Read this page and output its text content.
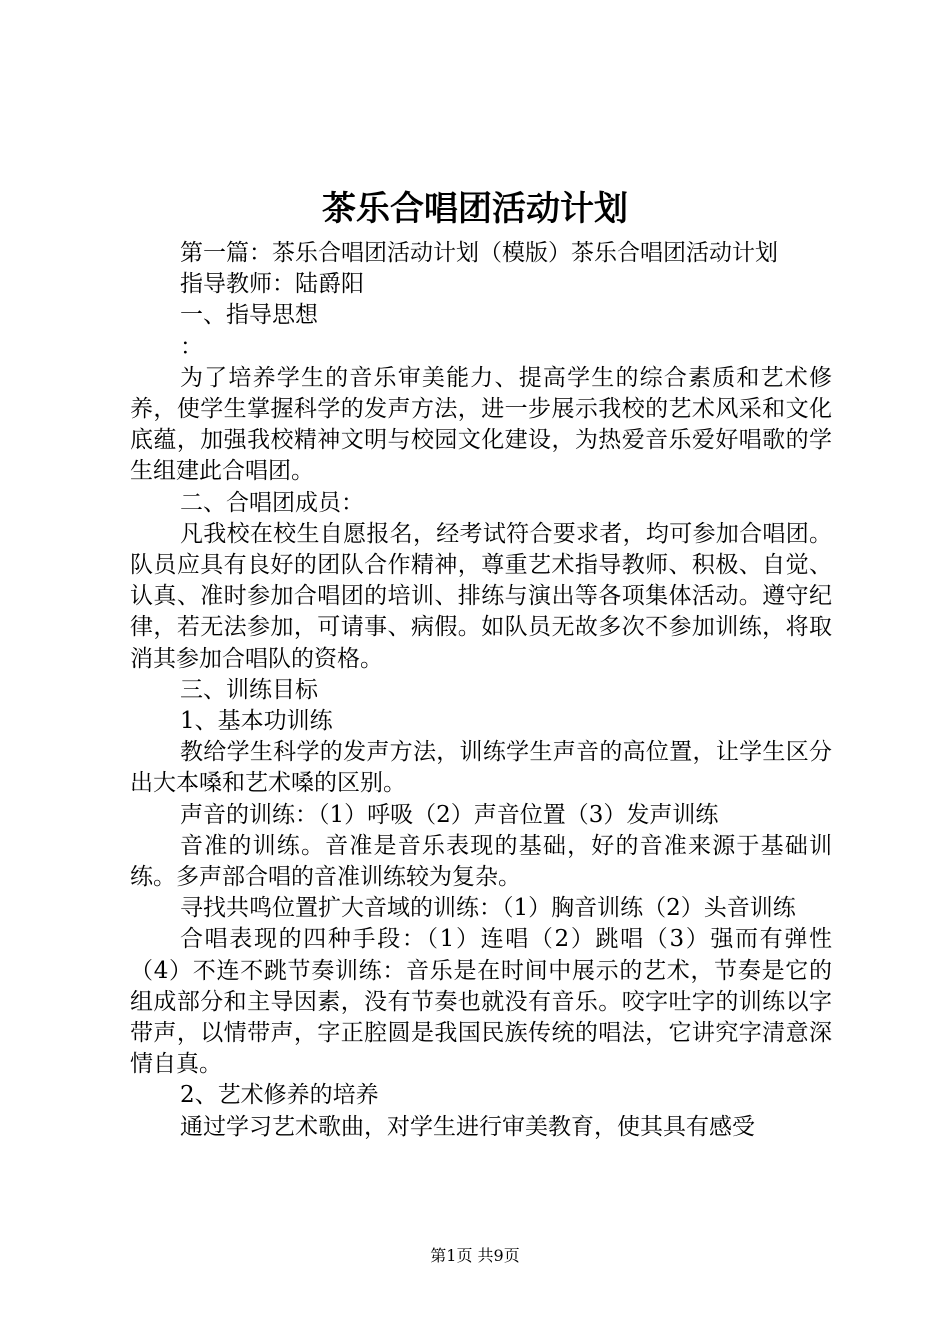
茶乐合唱团活动计划

第一篇：茶乐合唱团活动计划（模版）茶乐合唱团活动计划

指导教师：陆爵阳

一、指导思想

：

为了培养学生的音乐审美能力、提高学生的综合素质和艺术修养，使学生掌握科学的发声方法，进一步展示我校的艺术风采和文化底蕴，加强我校精神文明与校园文化建设，为热爱音乐爱好唱歌的学生组建此合唱团。

二、合唱团成员：

凡我校在校生自愿报名，经考试符合要求者，均可参加合唱团。队员应具有良好的团队合作精神，尊重艺术指导教师、积极、自觉、认真、准时参加合唱团的培训、排练与演出等各项集体活动。遵守纪律，若无法参加，可请事、病假。如队员无故多次不参加训练，将取消其参加合唱队的资格。

三、训练目标

1、基本功训练

教给学生科学的发声方法，训练学生声音的高位置，让学生区分出大本嗓和艺术嗓的区别。

声音的训练：（1）呼吸（2）声音位置（3）发声训练

音准的训练。音准是音乐表现的基础，好的音准来源于基础训练。多声部合唱的音准训练较为复杂。

寻找共鸣位置扩大音域的训练：（1）胸音训练（2）头音训练

合唱表现的四种手段：（1）连唱（2）跳唱（3）强而有弹性（4）不连不跳节奏训练：音乐是在时间中展示的艺术，节奏是它的组成部分和主导因素，没有节奏也就没有音乐。咬字吐字的训练以字带声，以情带声，字正腔圆是我国民族传统的唱法，它讲究字清意深情自真。

2、艺术修养的培养

通过学习艺术歌曲，对学生进行审美教育，使其具有感受

第1页 共9页
